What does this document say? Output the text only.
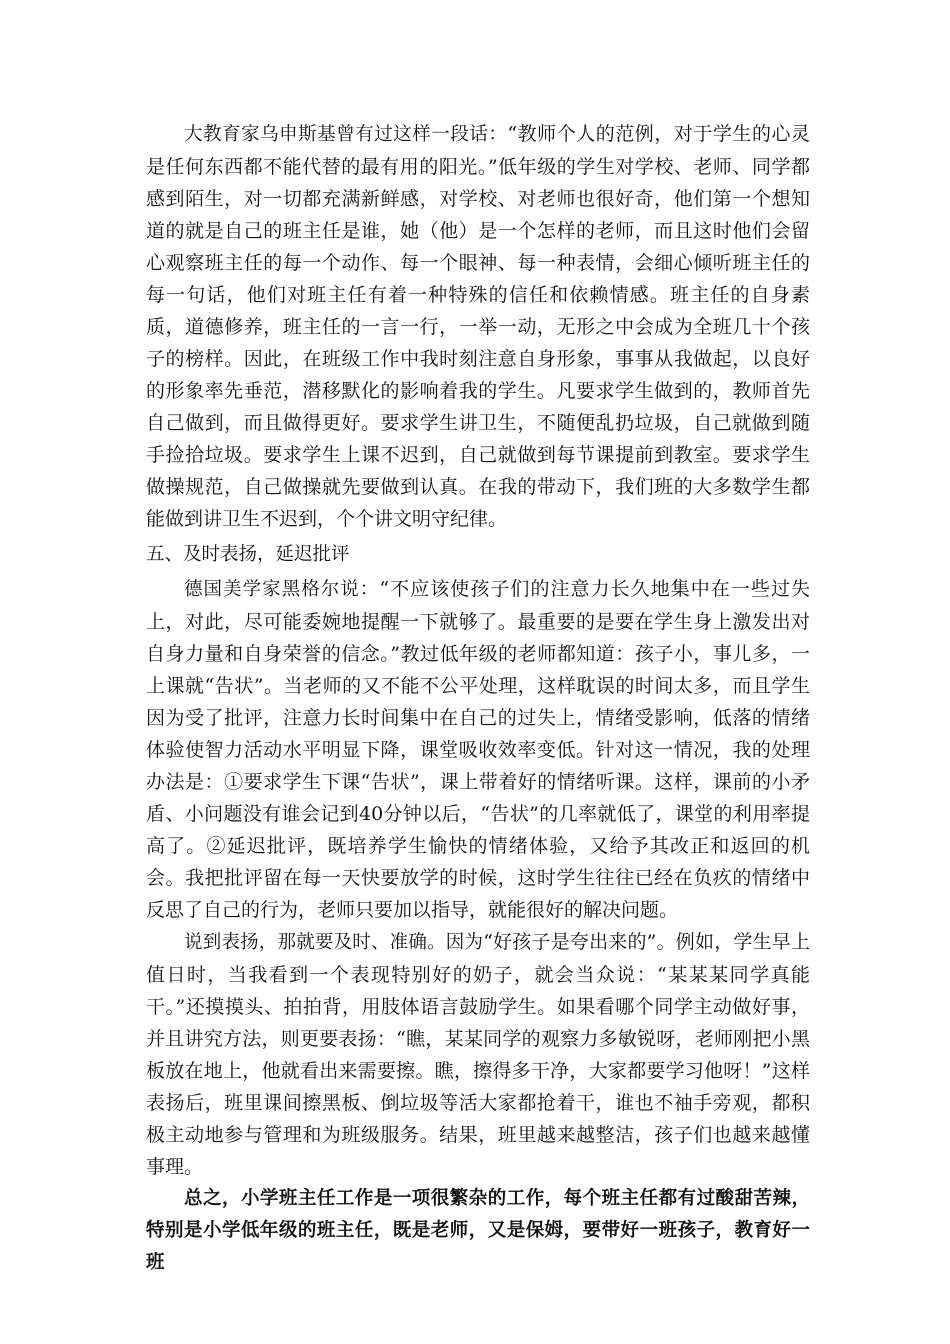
大教育家乌申斯基曾有过这样一段话：“教师个人的范例，对于学生的心灵是任何东西都不能代替的最有用的阳光。”低年级的学生对学校、老师、同学都感到陌生，对一切都充满新鲜感，对学校、对老师也很好奇，他们第一个想知道的就是自己的班主任是谁，她（他）是一个怎样的老师，而且这时他们会留心观察班主任的每一个动作、每一个眼神、每一种表情，会细心倾听班主任的每一句话，他们对班主任有着一种特殊的信任和依赖情感。班主任的自身素质，道德修养，班主任的一言一行，一举一动，无形之中会成为全班几十个孩子的榜样。因此，在班级工作中我时刻注意自身形象，事事从我做起，以良好的形象率先垂范，潜移默化的影响着我的学生。凡要求学生做到的，教师首先自己做到，而且做得更好。要求学生讲卫生，不随便乱扔垃圾，自己就做到随手捡拾垃圾。要求学生上课不迟到，自己就做到每节课提前到教室。要求学生做操规范，自己做操就先要做到认真。在我的带动下，我们班的大多数学生都能做到讲卫生不迟到，个个讲文明守纪律。

五、及时表扬，延迟批评

德国美学家黑格尔说：“不应该使孩子们的注意力长久地集中在一些过失上，对此，尽可能委婉地提醒一下就够了。最重要的是要在学生身上激发出对自身力量和自身荣誉的信念。”教过低年级的老师都知道：孩子小，事儿多，一上课就“告状”。当老师的又不能不公平处理，这样耽误的时间太多，而且学生因为受了批评，注意力长时间集中在自己的过失上，情绪受影响，低落的情绪体验使智力活动水平明显下降，课堂吸收效率变低。针对这一情况，我的处理办法是：①要求学生下课“告状”，课上带着好的情绪听课。这样，课前的小矛盾、小问题没有谁会记到40分钟以后，“告状”的几率就低了，课堂的利用率提高了。②延迟批评，既培养学生愉快的情绪体验，又给予其改正和返回的机会。我把批评留在每一天快要放学的时候，这时学生往往已经在负疚的情绪中反思了自己的行为，老师只要加以指导，就能很好的解决问题。

说到表扬，那就要及时、准确。因为“好孩子是夸出来的”。例如，学生早上值日时，当我看到一个表现特别好的奶子，就会当众说：“某某某同学真能干。”还摸摸头、拍拍背，用肢体语言鼓励学生。如果看哪个同学主动做好事，并且讲究方法，则更要表扬：“瞧，某某同学的观察力多敏锐呀，老师刚把小黑板放在地上，他就看出来需要擦。瞧，擦得多干净，大家都要学习他呀！”这样表扬后，班里课间擦黑板、倒垃圾等活大家都抢着干，谁也不袖手旁观，都积极主动地参与管理和为班级服务。结果，班里越来越整洁，孩子们也越来越懂事理。

总之，小学班主任工作是一项很繁杂的工作，每个班主任都有过酸甜苦辣，特别是小学低年级的班主任，既是老师，又是保姆，要带好一班孩子，教育好一班
